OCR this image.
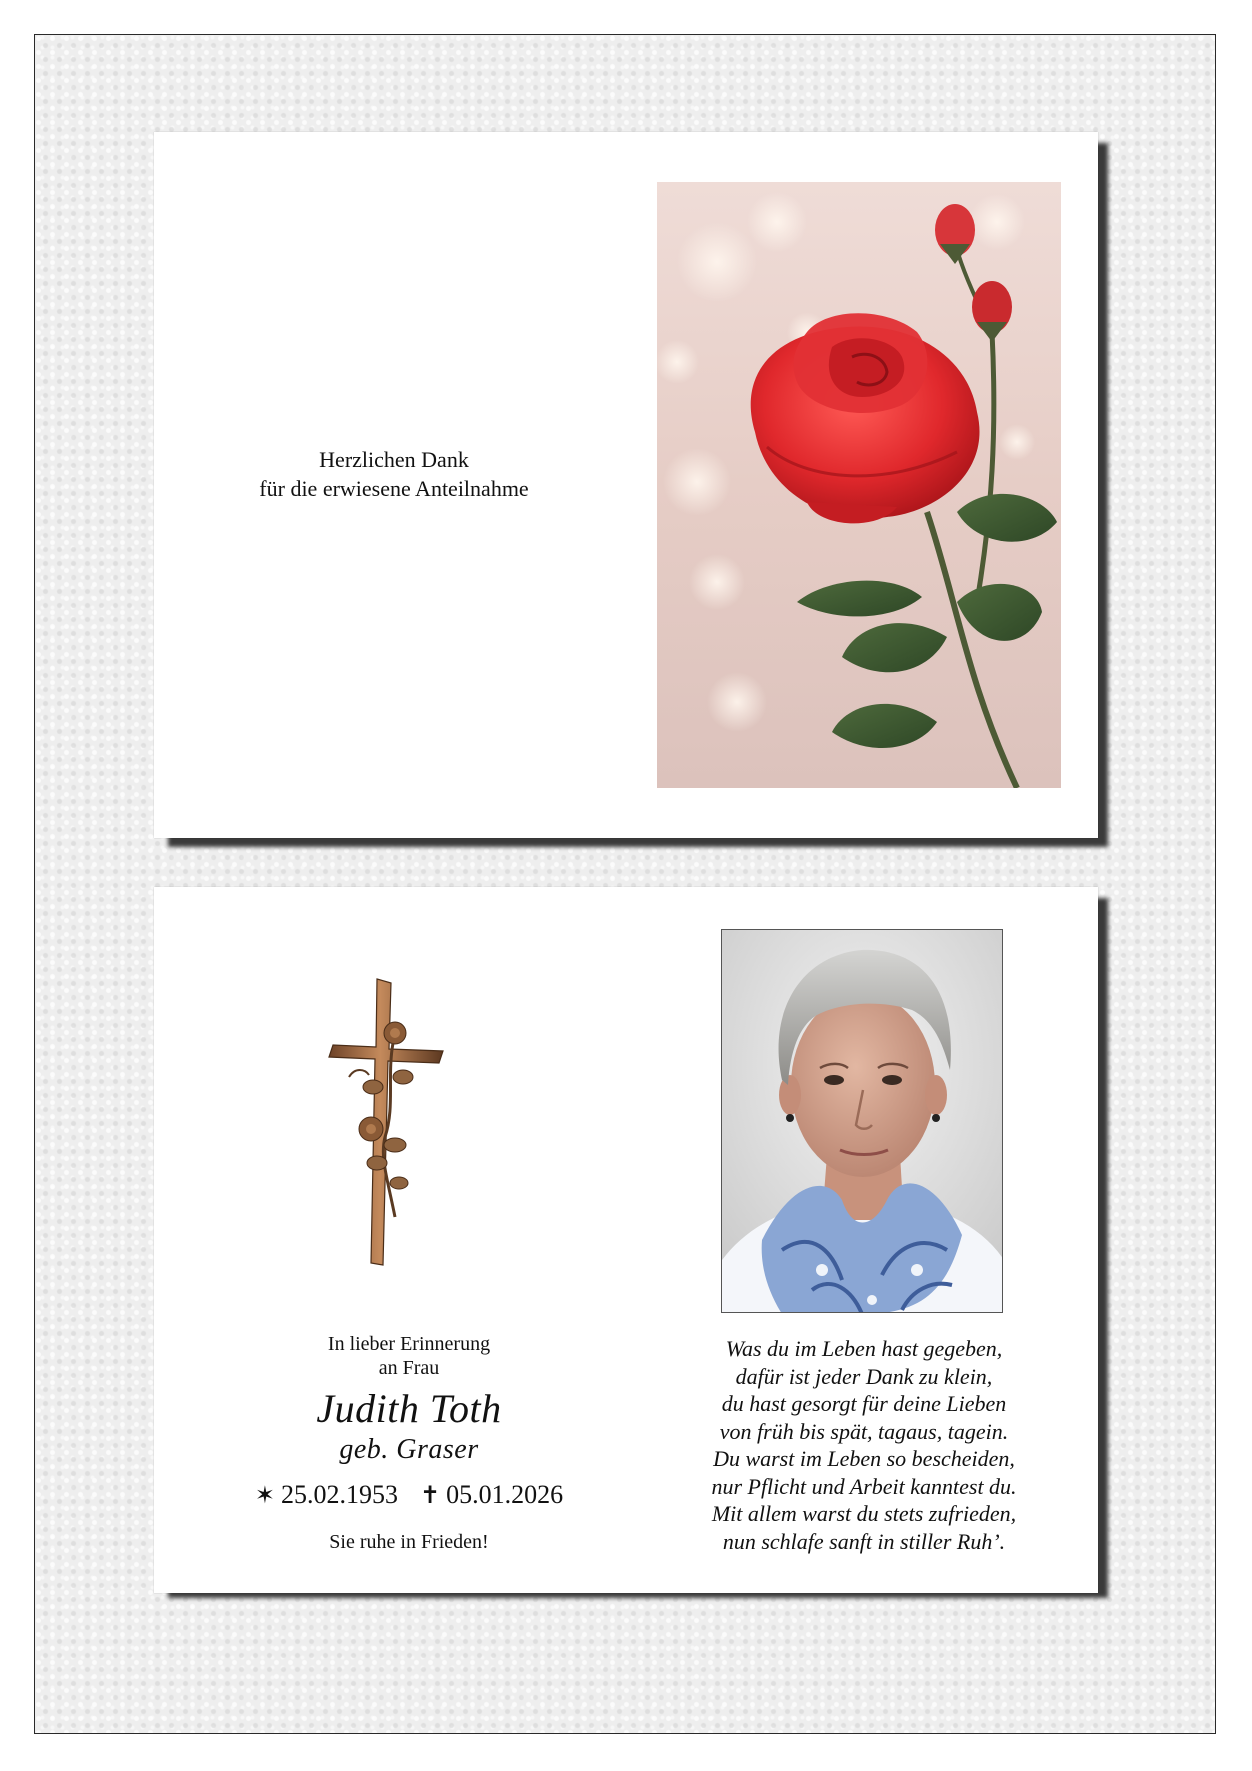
Herzlichen Dank
für die erwiesene Anteilnahme
In lieber Erinnerung
an Frau
Judith Toth
geb. Graser
✶ 25.02.1953 ✝ 05.01.2026
Sie ruhe in Frieden!
Was du im Leben hast gegeben,
dafür ist jeder Dank zu klein,
du hast gesorgt für deine Lieben
von früh bis spät, tagaus, tagein.
Du warst im Leben so bescheiden,
nur Pflicht und Arbeit kanntest du.
Mit allem warst du stets zufrieden,
nun schlafe sanft in stiller Ruh’.
